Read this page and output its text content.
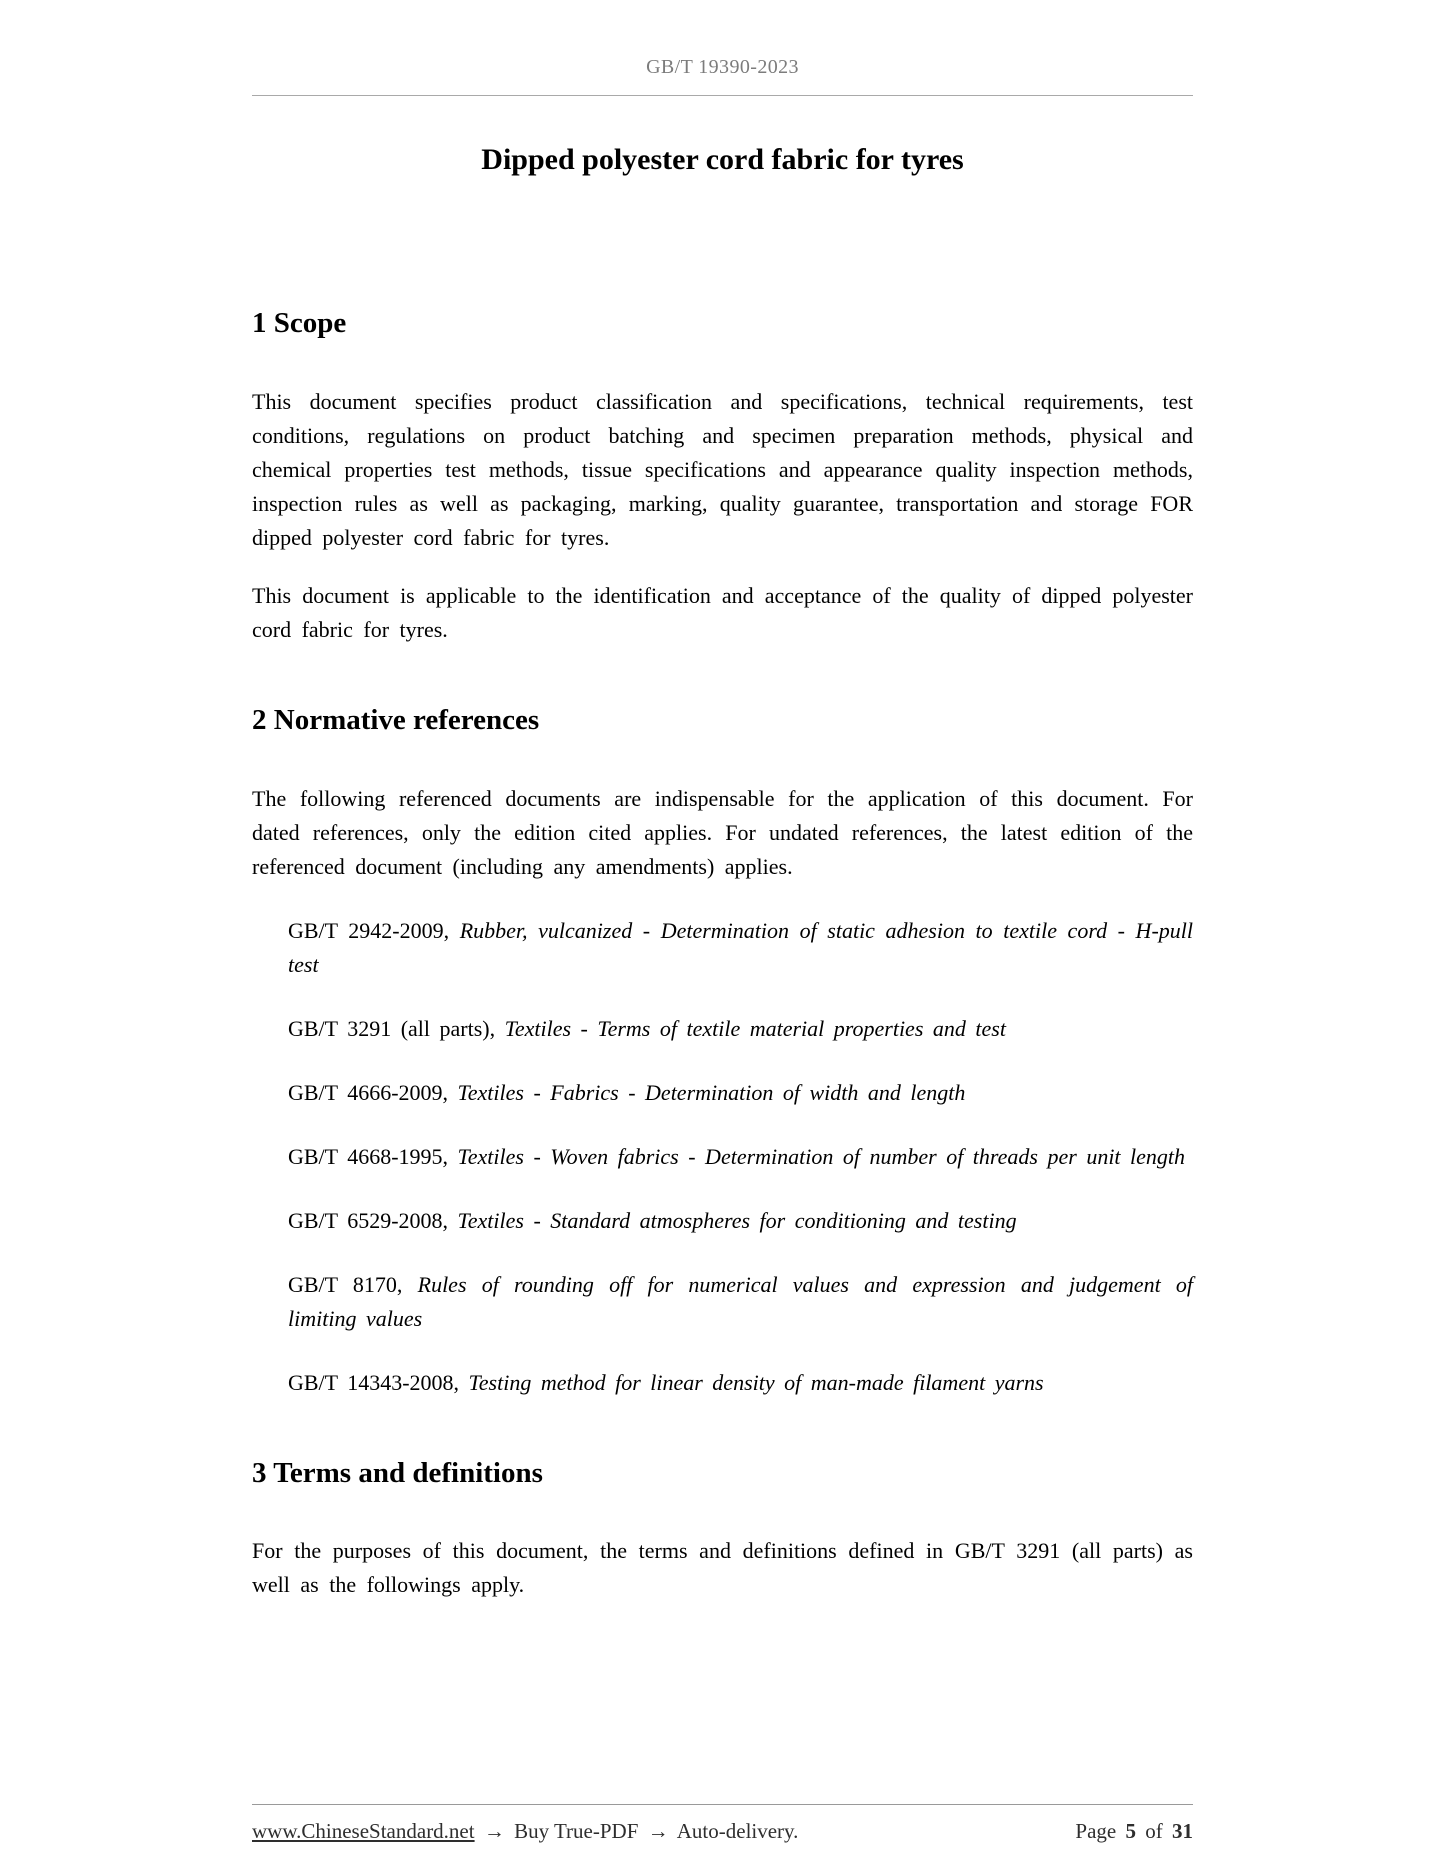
GB/T 19390-2023
Dipped polyester cord fabric for tyres
1 Scope

This document specifies product classification and specifications, technical requirements, test conditions, regulations on product batching and specimen preparation methods, physical and chemical properties test methods, tissue specifications and appearance quality inspection methods, inspection rules as well as packaging, marking, quality guarantee, transportation and storage FOR dipped polyester cord fabric for tyres.

This document is applicable to the identification and acceptance of the quality of dipped polyester cord fabric for tyres.

2 Normative references

The following referenced documents are indispensable for the application of this document. For dated references, only the edition cited applies. For undated references, the latest edition of the referenced document (including any amendments) applies.

GB/T 2942-2009, Rubber, vulcanized - Determination of static adhesion to textile cord - H-pull test

GB/T 3291 (all parts), Textiles - Terms of textile material properties and test

GB/T 4666-2009, Textiles - Fabrics - Determination of width and length

GB/T 4668-1995, Textiles - Woven fabrics - Determination of number of threads per unit length

GB/T 6529-2008, Textiles - Standard atmospheres for conditioning and testing

GB/T 8170, Rules of rounding off for numerical values and expression and judgement of limiting values

GB/T 14343-2008, Testing method for linear density of man-made filament yarns

3 Terms and definitions

For the purposes of this document, the terms and definitions defined in GB/T 3291 (all parts) as well as the followings apply.

www.ChineseStandard.net → Buy True-PDF → Auto-delivery.	Page 5 of 31
